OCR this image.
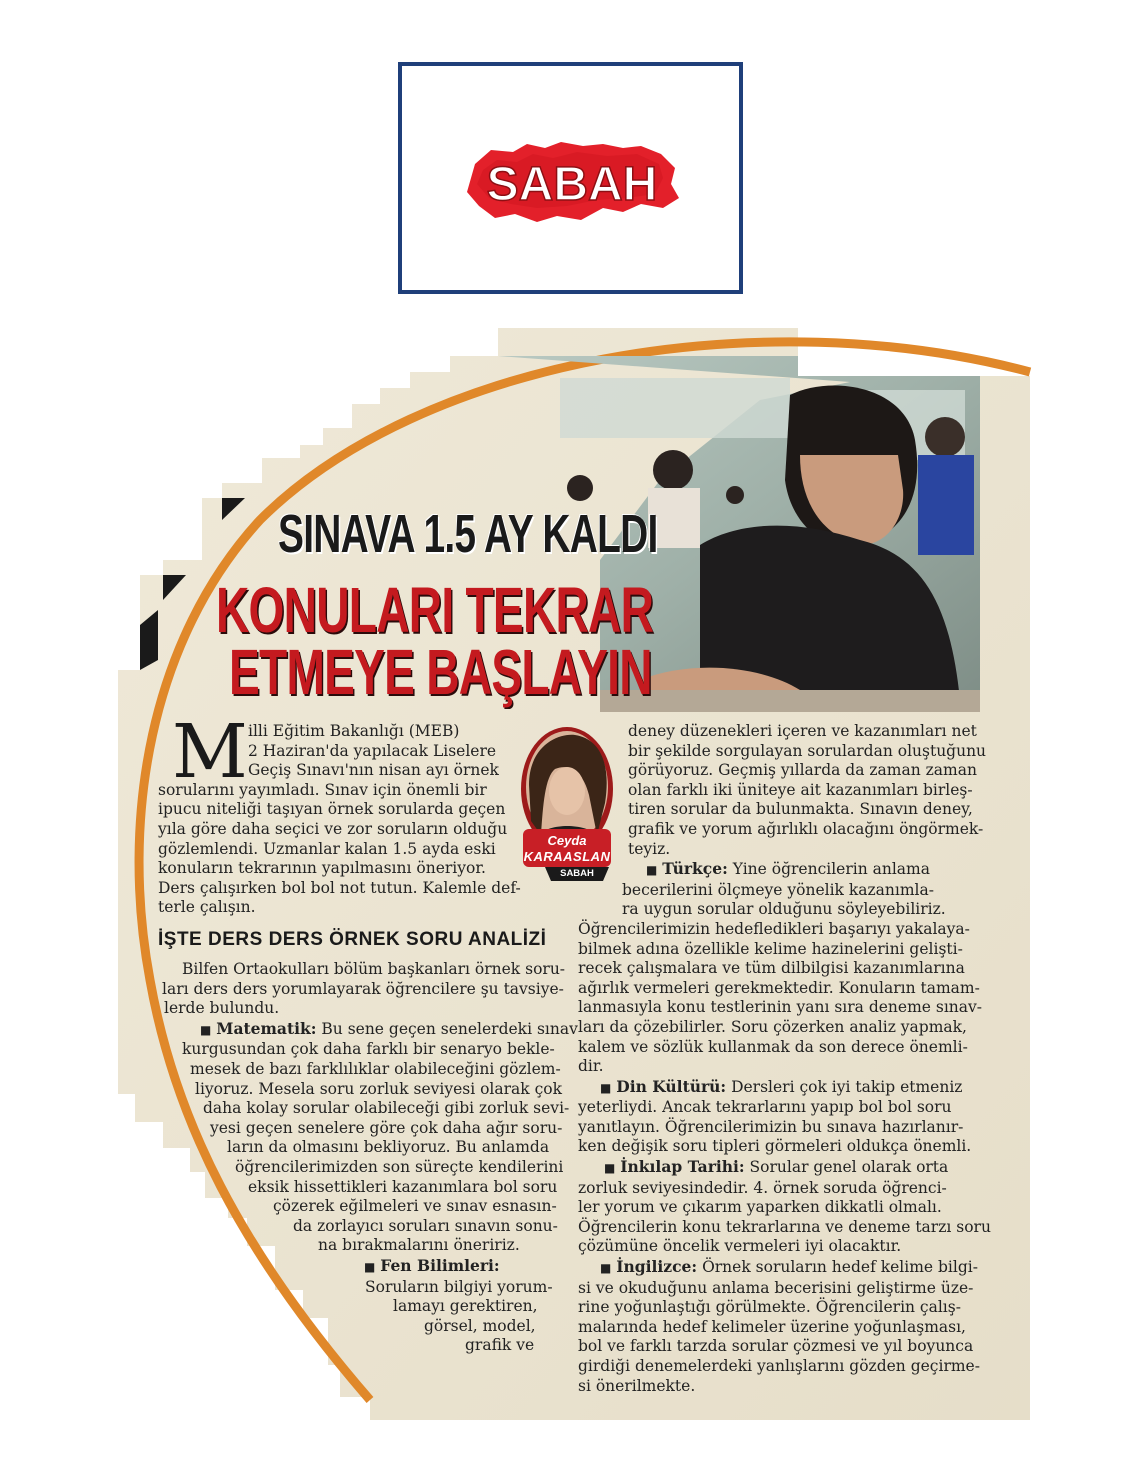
SABAH
SINAVA 1.5 AY KALDI
KONULARI TEKRAR
ETMEYE BAŞLAYIN
Ceyda
KARAASLAN
SABAH
M illi Eğitim Bakanlığı (MEB)
2 Haziran'da yapılacak Liselere
Geçiş Sınavı'nın nisan ayı örnek
sorularını yayımladı. Sınav için önemli bir
ipucu niteliği taşıyan örnek sorularda geçen
yıla göre daha seçici ve zor soruların olduğu
gözlemlendi. Uzmanlar kalan 1.5 ayda eski
konuların tekrarının yapılmasını öneriyor.
Ders çalışırken bol bol not tutun. Kalemle def-
terle çalışın.
İŞTE DERS DERS ÖRNEK SORU ANALİZİ
Bilfen Ortaokulları bölüm başkanları örnek soru-
ları ders ders yorumlayarak öğrencilere şu tavsiye-
lerde bulundu.
■ Matematik: Bu sene geçen senelerdeki sınav
kurgusundan çok daha farklı bir senaryo bekle-
mesek de bazı farklılıklar olabileceğini gözlem-
liyoruz. Mesela soru zorluk seviyesi olarak çok
daha kolay sorular olabileceği gibi zorluk sevi-
yesi geçen senelere göre çok daha ağır soru-
ların da olmasını bekliyoruz. Bu anlamda
öğrencilerimizden son süreçte kendilerini
eksik hissettikleri kazanımlara bol soru
çözerek eğilmeleri ve sınav esnasın-
da zorlayıcı soruları sınavın sonu-
na bırakmalarını öneririz.
■ Fen Bilimleri:
Soruların bilgiyi yorum-
lamayı gerektiren,
görsel, model,
grafik ve
deney düzenekleri içeren ve kazanımları net
bir şekilde sorgulayan sorulardan oluştuğunu
görüyoruz. Geçmiş yıllarda da zaman zaman
olan farklı iki üniteye ait kazanımları birleş-
tiren sorular da bulunmakta. Sınavın deney,
grafik ve yorum ağırlıklı olacağını öngörmek-
teyiz.
■ Türkçe: Yine öğrencilerin anlama
becerilerini ölçmeye yönelik kazanımla-
ra uygun sorular olduğunu söyleyebiliriz.
Öğrencilerimizin hedefledikleri başarıyı yakalaya-
bilmek adına özellikle kelime hazinelerini gelişti-
recek çalışmalara ve tüm dilbilgisi kazanımlarına
ağırlık vermeleri gerekmektedir. Konuların tamam-
lanmasıyla konu testlerinin yanı sıra deneme sınav-
ları da çözebilirler. Soru çözerken analiz yapmak,
kalem ve sözlük kullanmak da son derece önemli-
dir.
■ Din Kültürü: Dersleri çok iyi takip etmeniz
yeterliydi. Ancak tekrarlarını yapıp bol bol soru
yanıtlayın. Öğrencilerimizin bu sınava hazırlanır-
ken değişik soru tipleri görmeleri oldukça önemli.
■ İnkılap Tarihi: Sorular genel olarak orta
zorluk seviyesindedir. 4. örnek soruda öğrenci-
ler yorum ve çıkarım yaparken dikkatli olmalı.
Öğrencilerin konu tekrarlarına ve deneme tarzı soru
çözümüne öncelik vermeleri iyi olacaktır.
■ İngilizce: Örnek soruların hedef kelime bilgi-
si ve okuduğunu anlama becerisini geliştirme üze-
rine yoğunlaştığı görülmekte. Öğrencilerin çalış-
malarında hedef kelimeler üzerine yoğunlaşması,
bol ve farklı tarzda sorular çözmesi ve yıl boyunca
girdiği denemelerdeki yanlışlarını gözden geçirme-
si önerilmekte.
